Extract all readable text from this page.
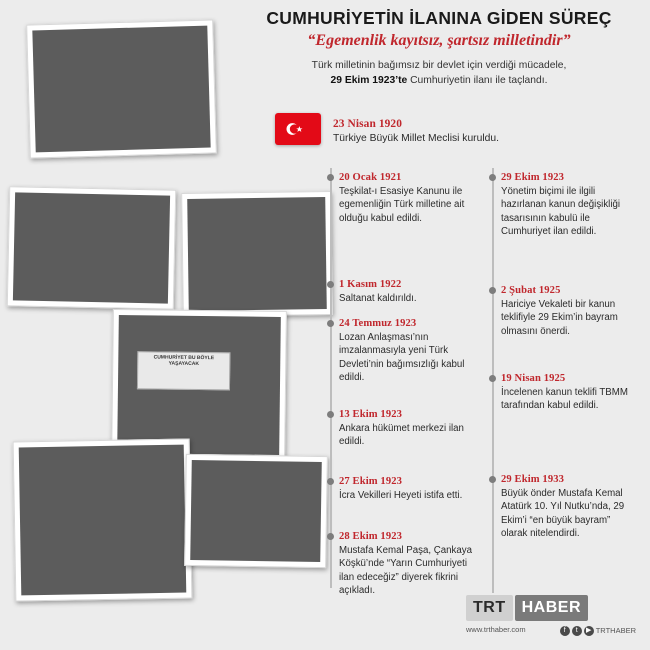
CUMHURİYETİN İLANINA GİDEN SÜREÇ
“Egemenlik kayıtsız, şartsız milletindir”
Türk milletinin bağımsız bir devlet için verdiği mücadele,
29 Ekim 1923’te Cumhuriyetin ilanı ile taçlandı.
CUMHURİYET BU BÖYLE YAŞAYACAK
23 Nisan 1920
Türkiye Büyük Millet Meclisi kuruldu.
20 Ocak 1921
Teşkilat-ı Esasiye Kanunu ile egemenliğin Türk milletine ait olduğu kabul edildi.
1 Kasım 1922
Saltanat kaldırıldı.
24 Temmuz 1923
Lozan Anlaşması’nın imzalanmasıyla yeni Türk Devleti’nin bağımsızlığı kabul edildi.
13 Ekim 1923
Ankara hükümet merkezi ilan edildi.
27 Ekim 1923
İcra Vekilleri Heyeti istifa etti.
28 Ekim 1923
Mustafa Kemal Paşa, Çankaya Köşkü’nde “Yarın Cumhuriyeti ilan edeceğiz” diyerek fikrini açıkladı.
29 Ekim 1923
Yönetim biçimi ile ilgili hazırlanan kanun değişikliği tasarısının kabulü ile Cumhuriyet ilan edildi.
2 Şubat 1925
Hariciye Vekaleti bir kanun teklifiyle 29 Ekim’in bayram olmasını önerdi.
19 Nisan 1925
İncelenen kanun teklifi TBMM tarafından kabul edildi.
29 Ekim 1933
Büyük önder Mustafa Kemal Atatürk 10. Yıl Nutku’nda, 29 Ekim’i “en büyük bayram” olarak nitelendirdi.
TRT HABER
www.trthaber.com	f t ▶ TRTHABER
